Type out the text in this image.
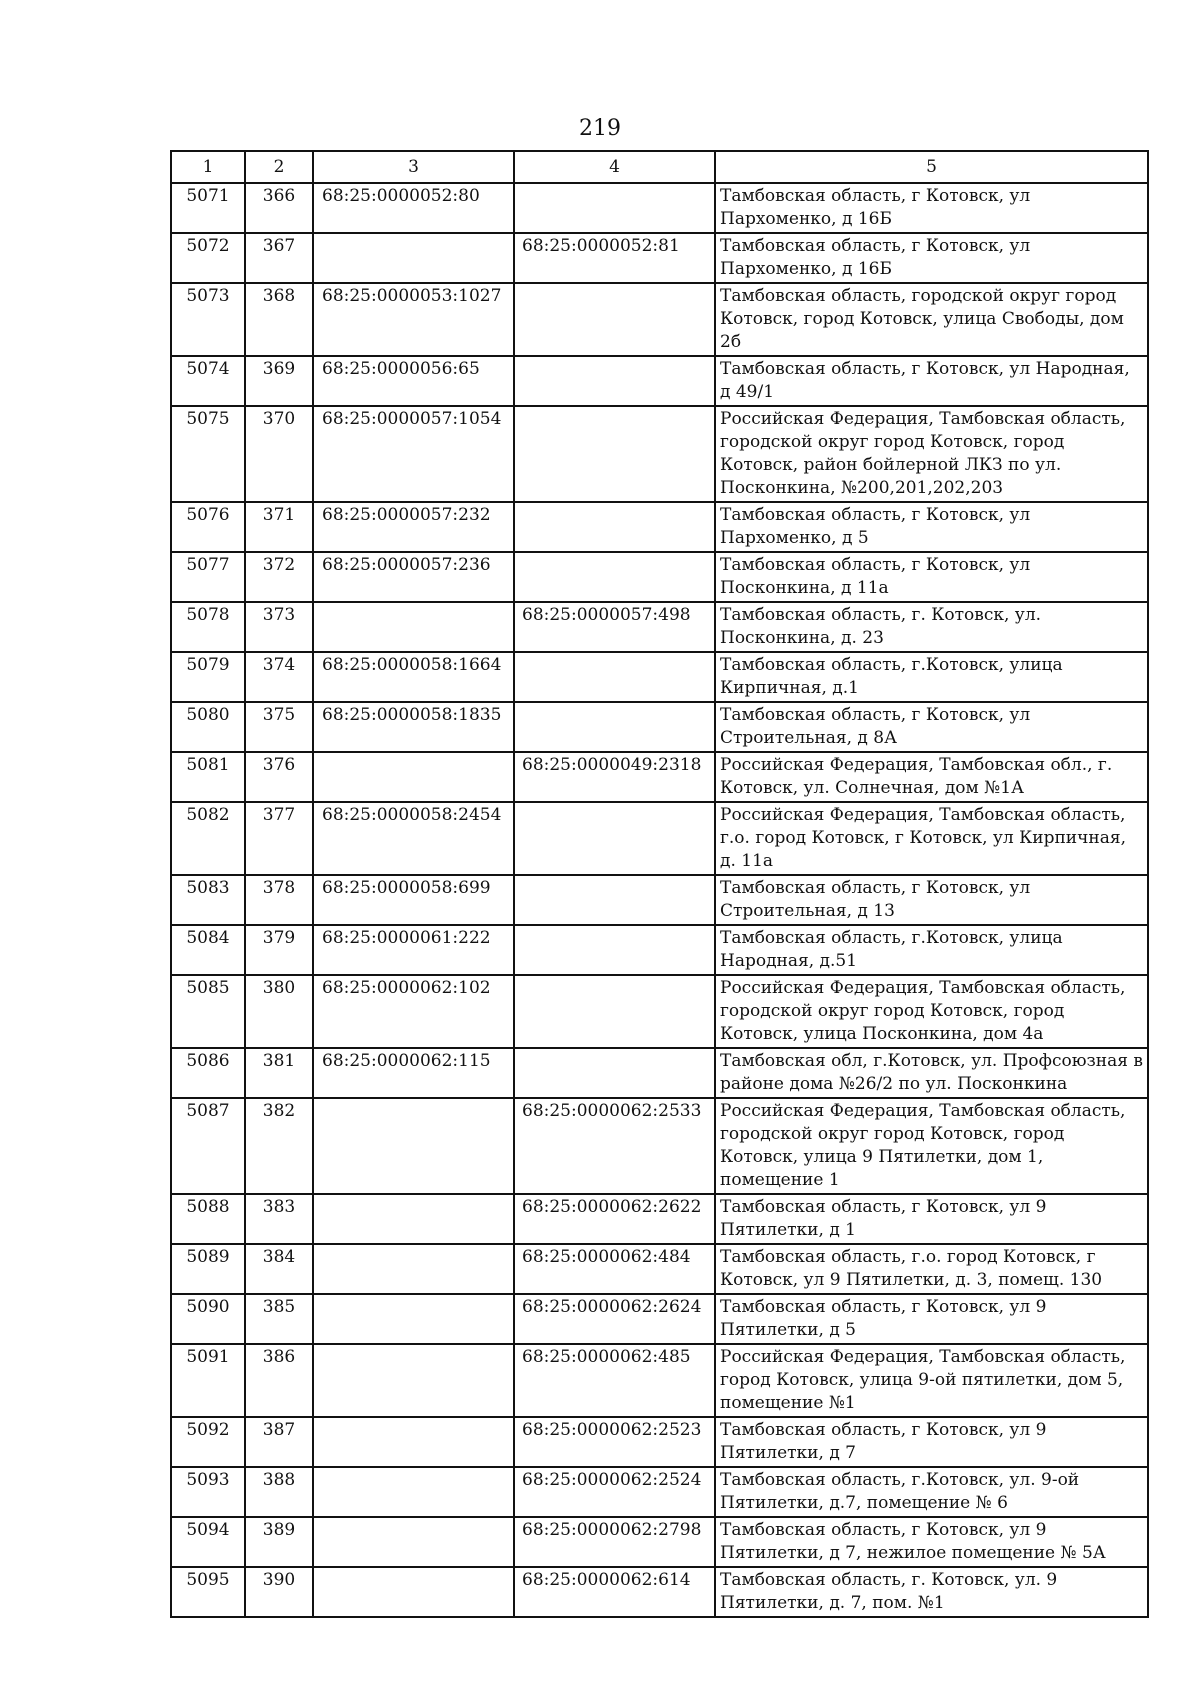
219
1	2	3	4	5
5071	366	68:25:0000052:80		Тамбовская область, г Котовск, ул Пархоменко, д 16Б
5072	367		68:25:0000052:81	Тамбовская область, г Котовск, ул Пархоменко, д 16Б
5073	368	68:25:0000053:1027		Тамбовская область, городской округ город Котовск, город Котовск, улица Свободы, дом 2б
5074	369	68:25:0000056:65		Тамбовская область, г Котовск, ул Народная, д 49/1
5075	370	68:25:0000057:1054		Российская Федерация, Тамбовская область, городской округ город Котовск, город Котовск, район бойлерной ЛКЗ по ул. Посконкина, №200,201,202,203
5076	371	68:25:0000057:232		Тамбовская область, г Котовск, ул Пархоменко, д 5
5077	372	68:25:0000057:236		Тамбовская область, г Котовск, ул Посконкина, д 11а
5078	373		68:25:0000057:498	Тамбовская область, г. Котовск, ул. Посконкина, д. 23
5079	374	68:25:0000058:1664		Тамбовская область, г.Котовск, улица Кирпичная, д.1
5080	375	68:25:0000058:1835		Тамбовская область, г Котовск, ул Строительная, д 8А
5081	376		68:25:0000049:2318	Российская Федерация, Тамбовская обл., г. Котовск, ул. Солнечная, дом №1А
5082	377	68:25:0000058:2454		Российская Федерация, Тамбовская область, г.о. город Котовск, г Котовск, ул Кирпичная, д. 11а
5083	378	68:25:0000058:699		Тамбовская область, г Котовск, ул Строительная, д 13
5084	379	68:25:0000061:222		Тамбовская область, г.Котовск, улица Народная, д.51
5085	380	68:25:0000062:102		Российская Федерация, Тамбовская область, городской округ город Котовск, город Котовск, улица Посконкина, дом 4а
5086	381	68:25:0000062:115		Тамбовская обл, г.Котовск, ул. Профсоюзная в районе дома №26/2 по ул. Посконкина
5087	382		68:25:0000062:2533	Российская Федерация, Тамбовская область, городской округ город Котовск, город Котовск, улица 9 Пятилетки, дом 1, помещение 1
5088	383		68:25:0000062:2622	Тамбовская область, г Котовск, ул 9 Пятилетки, д 1
5089	384		68:25:0000062:484	Тамбовская область, г.о. город Котовск, г Котовск, ул 9 Пятилетки, д. 3, помещ. 130
5090	385		68:25:0000062:2624	Тамбовская область, г Котовск, ул 9 Пятилетки, д 5
5091	386		68:25:0000062:485	Российская Федерация, Тамбовская область, город Котовск, улица 9-ой пятилетки, дом 5, помещение №1
5092	387		68:25:0000062:2523	Тамбовская область, г Котовск, ул 9 Пятилетки, д 7
5093	388		68:25:0000062:2524	Тамбовская область, г.Котовск, ул. 9-ой Пятилетки, д.7, помещение № 6
5094	389		68:25:0000062:2798	Тамбовская область, г Котовск, ул 9 Пятилетки, д 7, нежилое помещение № 5А
5095	390		68:25:0000062:614	Тамбовская область, г. Котовск, ул. 9 Пятилетки, д. 7, пом. №1
